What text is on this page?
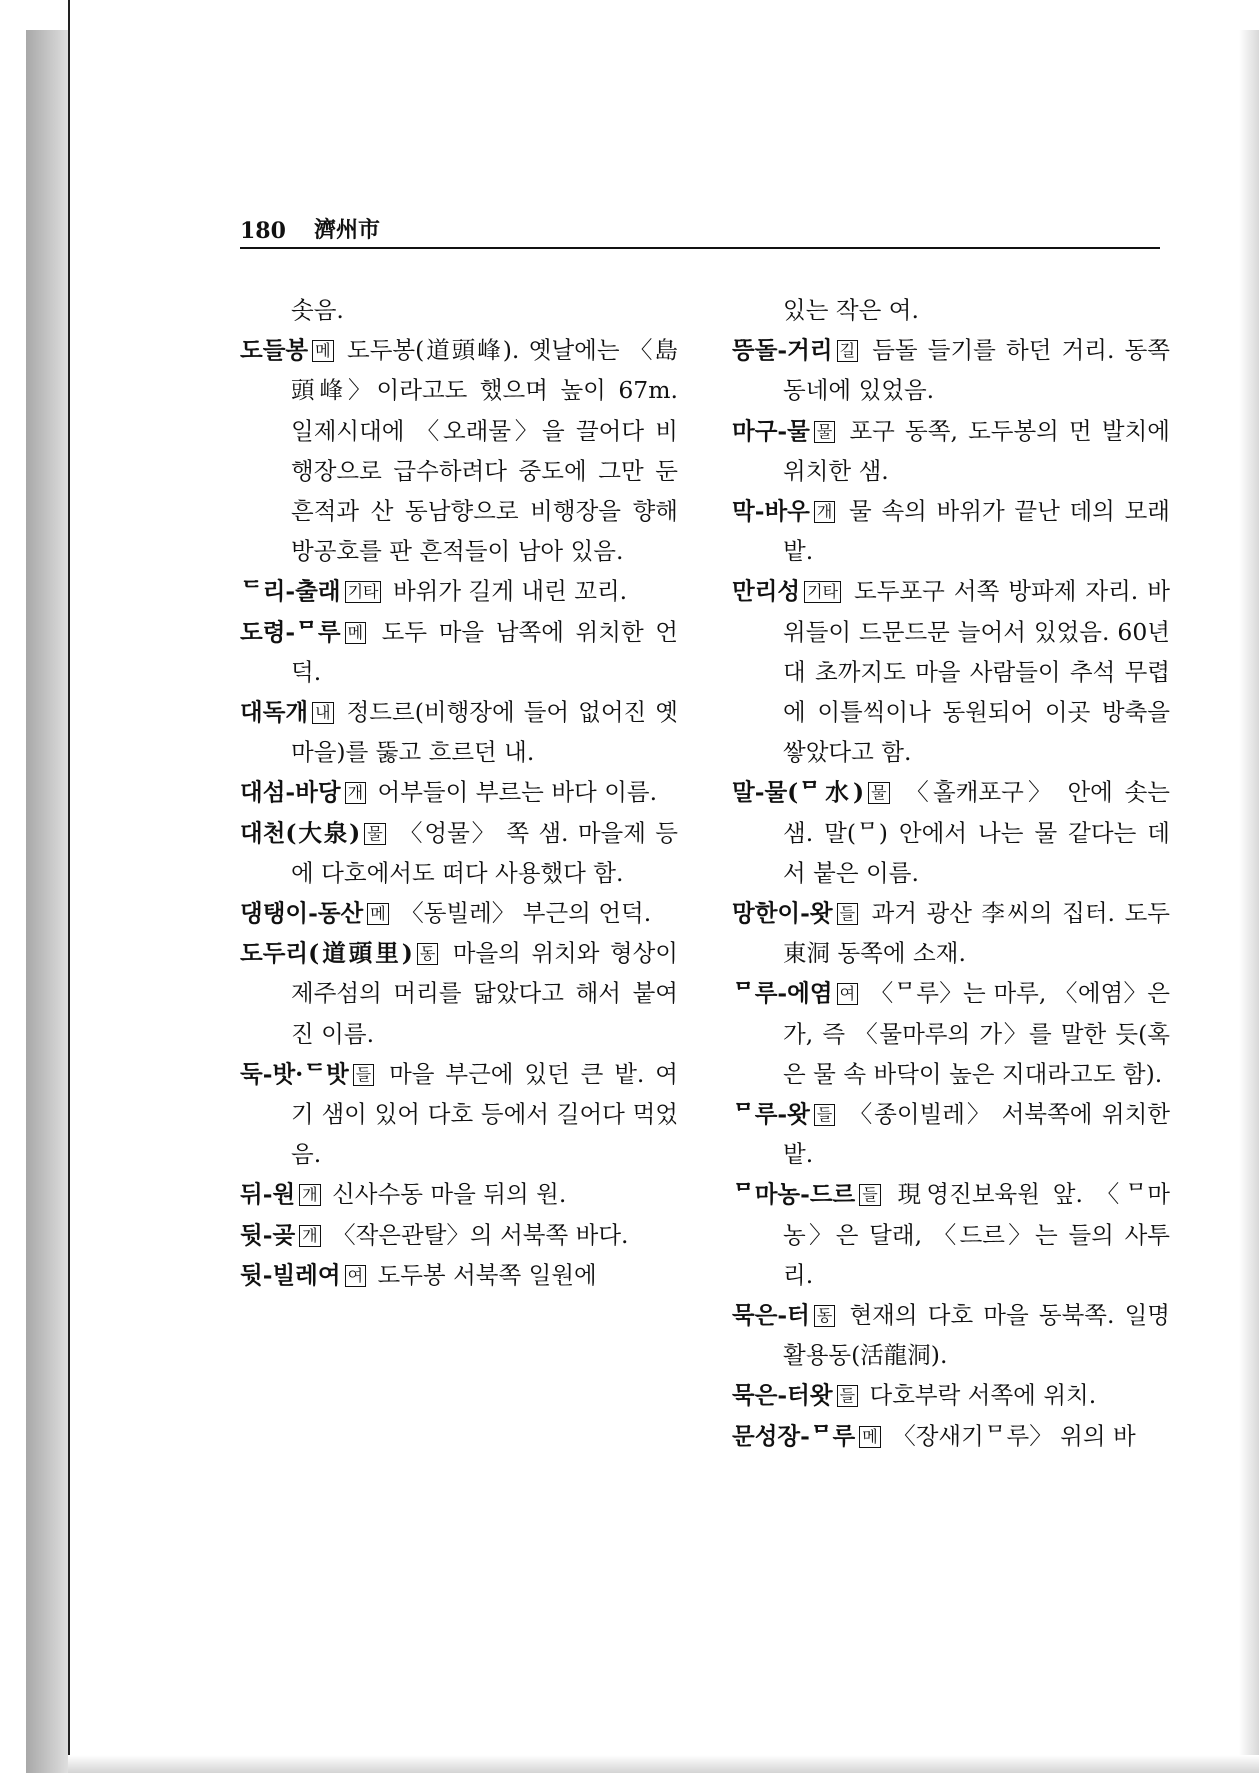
180 濟州市

솟음.

도들봉 메 도두봉(道頭峰). 옛날에는 〈島頭峰〉이라고도 했으며 높이 67m. 일제시대에 〈오래물〉을 끌어다 비행장으로 급수하려다 중도에 그만 둔 흔적과 산 동남향으로 비행장을 향해 방공호를 판 흔적들이 남아 있음.

ᄃ리-출래 기타 바위가 길게 내린 꼬리.

도령-ᄆ루 메 도두 마을 남쪽에 위치한 언덕.

대독개 내 정드르(비행장에 들어 없어진 옛마을)를 뚫고 흐르던 내.

대섬-바당 개 어부들이 부르는 바다 이름.

대천(大泉) 물 〈엉물〉 쪽 샘. 마을제 등에 다호에서도 떠다 사용했다 함.

댕탱이-동산 메 〈동빌레〉 부근의 언덕.

도두리(道頭里) 동 마을의 위치와 형상이 제주섬의 머리를 닮았다고 해서 붙여진 이름.

둑-밧·ᄃ밧 들 마을 부근에 있던 큰 밭. 여기 샘이 있어 다호 등에서 길어다 먹었음.

뒤-원 개 신사수동 마을 뒤의 원.

뒷-곶 개 〈작은관탈〉의 서북쪽 바다.

뒷-빌레여 여 도두봉 서북쪽 일원에

있는 작은 여.

뜽돌-거리 길 듬돌 들기를 하던 거리. 동쪽 동네에 있었음.

마구-물 물 포구 동쪽, 도두봉의 먼 발치에 위치한 샘.

막-바우 개 물 속의 바위가 끝난 데의 모래밭.

만리성 기타 도두포구 서쪽 방파제 자리. 바위들이 드문드문 늘어서 있었음. 60년대 초까지도 마을 사람들이 추석 무렵에 이틀씩이나 동원되어 이곳 방축을 쌓았다고 함.

말-물(ᄆ水) 물 〈홀캐포구〉 안에 솟는 샘. 말(ᄆ) 안에서 나는 물 같다는 데서 붙은 이름.

망한이-왓 들 과거 광산 李씨의 집터. 도두 東洞 동쪽에 소재.

ᄆ루-에염 여 〈ᄆ루〉는 마루, 〈에염〉은 가, 즉 〈물마루의 가〉를 말한 듯(혹은 물 속 바닥이 높은 지대라고도 함).

ᄆ루-왓 들 〈종이빌레〉 서북쪽에 위치한 밭.

ᄆ마농-드르 들 現영진보육원 앞. 〈ᄆ마농〉은 달래, 〈드르〉는 들의 사투리.

묵은-터 동 현재의 다호 마을 동북쪽. 일명 활용동(活龍洞).

묵은-터왓 들 다호부락 서쪽에 위치.

문성장-ᄆ루 메 〈장새기ᄆ루〉 위의 바
